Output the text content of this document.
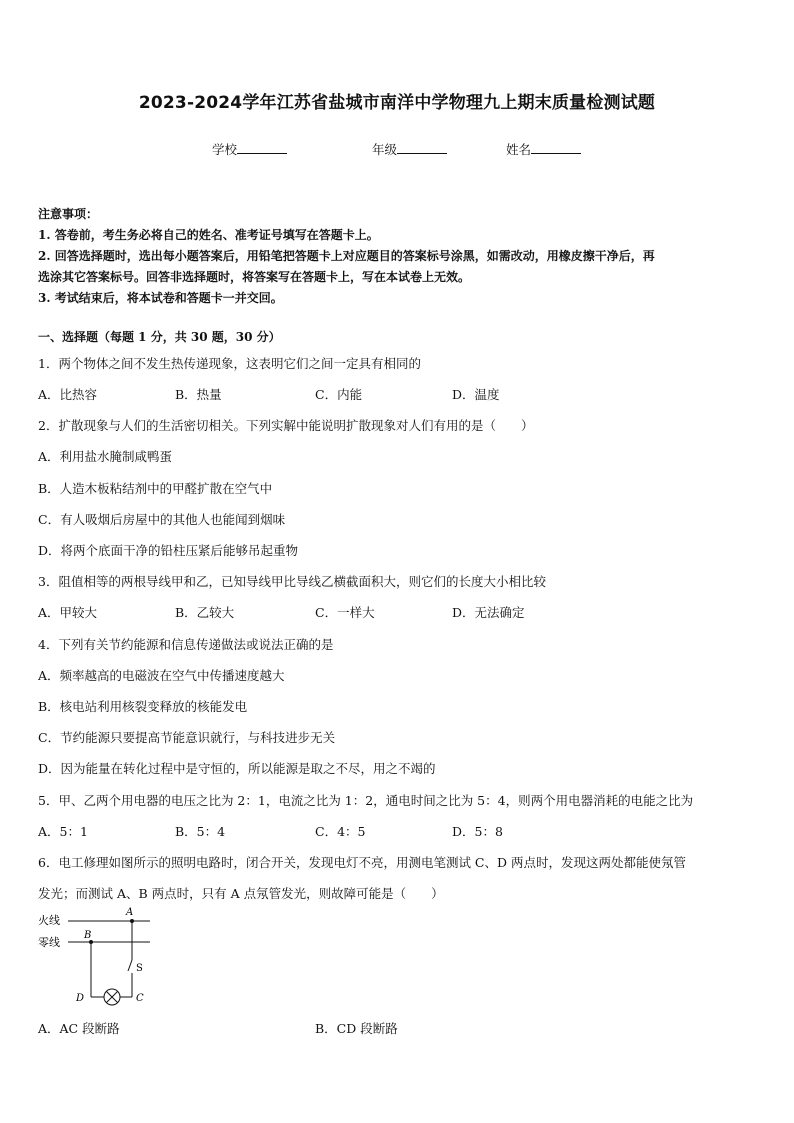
2023-2024学年江苏省盐城市南洋中学物理九上期末质量检测试题
学校	年级	姓名
注意事项：
1. 答卷前，考生务必将自己的姓名、准考证号填写在答题卡上。
2. 回答选择题时，选出每小题答案后，用铅笔把答题卡上对应题目的答案标号涂黑，如需改动，用橡皮擦干净后，再
选涂其它答案标号。回答非选择题时，将答案写在答题卡上，写在本试卷上无效。
3. 考试结束后，将本试卷和答题卡一并交回。
一、选择题（每题 1 分，共 30 题，30 分）
1．两个物体之间不发生热传递现象，这表明它们之间一定具有相同的
A．比热容	B．热量	C．内能	D．温度
2．扩散现象与人们的生活密切相关。下列实解中能说明扩散现象对人们有用的是（　　）
A．利用盐水腌制咸鸭蛋
B．人造木板粘结剂中的甲醛扩散在空气中
C．有人吸烟后房屋中的其他人也能闻到烟味
D．将两个底面干净的铅柱压紧后能够吊起重物
3．阻值相等的两根导线甲和乙，已知导线甲比导线乙横截面积大，则它们的长度大小相比较
A．甲较大	B．乙较大	C．一样大	D．无法确定
4．下列有关节约能源和信息传递做法或说法正确的是
A．频率越高的电磁波在空气中传播速度越大
B．核电站利用核裂变释放的核能发电
C．节约能源只要提高节能意识就行，与科技进步无关
D．因为能量在转化过程中是守恒的，所以能源是取之不尽，用之不竭的
5．甲、乙两个用电器的电压之比为 2：1，电流之比为 1：2，通电时间之比为 5：4，则两个用电器消耗的电能之比为
A．5：1	B．5：4	C．4：5	D．5：8
6．电工修理如图所示的照明电路时，闭合开关，发现电灯不亮，用测电笔测试 C、D 两点时，发现这两处都能使氖管
发光；而测试 A、B 两点时，只有 A 点氖管发光，则故障可能是（　　）
火线
零线
A
B
S
D	C
A．AC 段断路	B．CD 段断路
